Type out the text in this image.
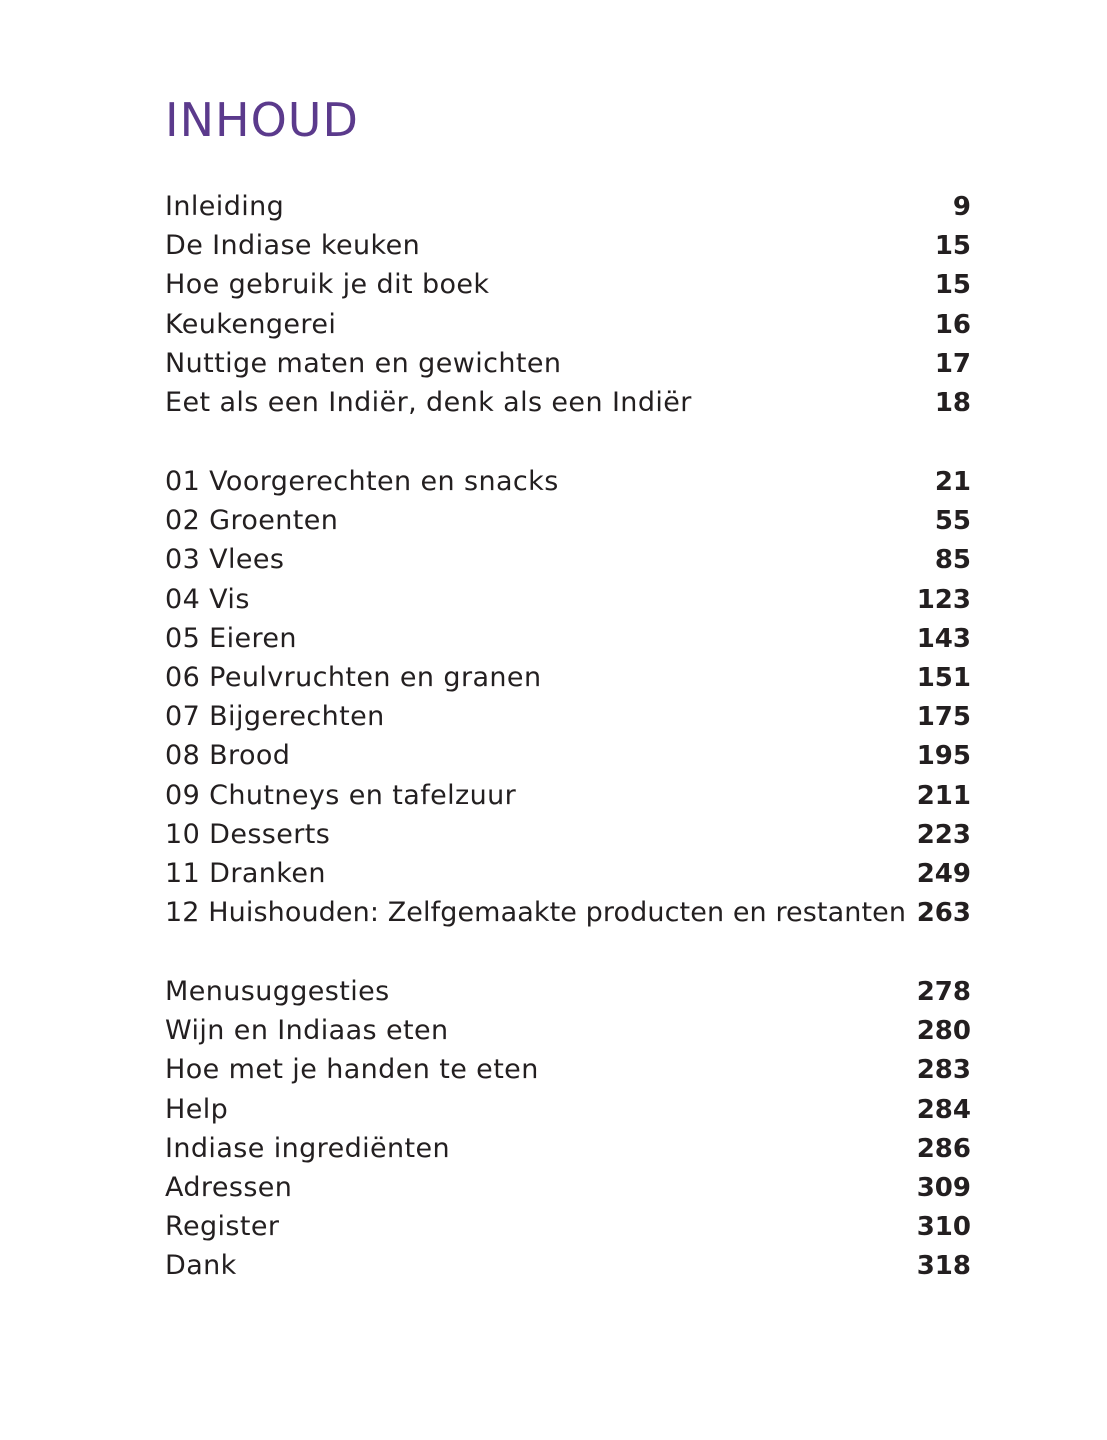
INHOUD
Inleiding	9
De Indiase keuken	15
Hoe gebruik je dit boek	15
Keukengerei	16
Nuttige maten en gewichten	17
Eet als een Indiër, denk als een Indiër	18
01 Voorgerechten en snacks	21
02 Groenten	55
03 Vlees	85
04 Vis	123
05 Eieren	143
06 Peulvruchten en granen	151
07 Bijgerechten	175
08 Brood	195
09 Chutneys en tafelzuur	211
10 Desserts	223
11 Dranken	249
12 Huishouden: Zelfgemaakte producten en restanten 263
Menusuggesties	278
Wijn en Indiaas eten	280
Hoe met je handen te eten	283
Help	284
Indiase ingrediënten	286
Adressen	309
Register	310
Dank	318
